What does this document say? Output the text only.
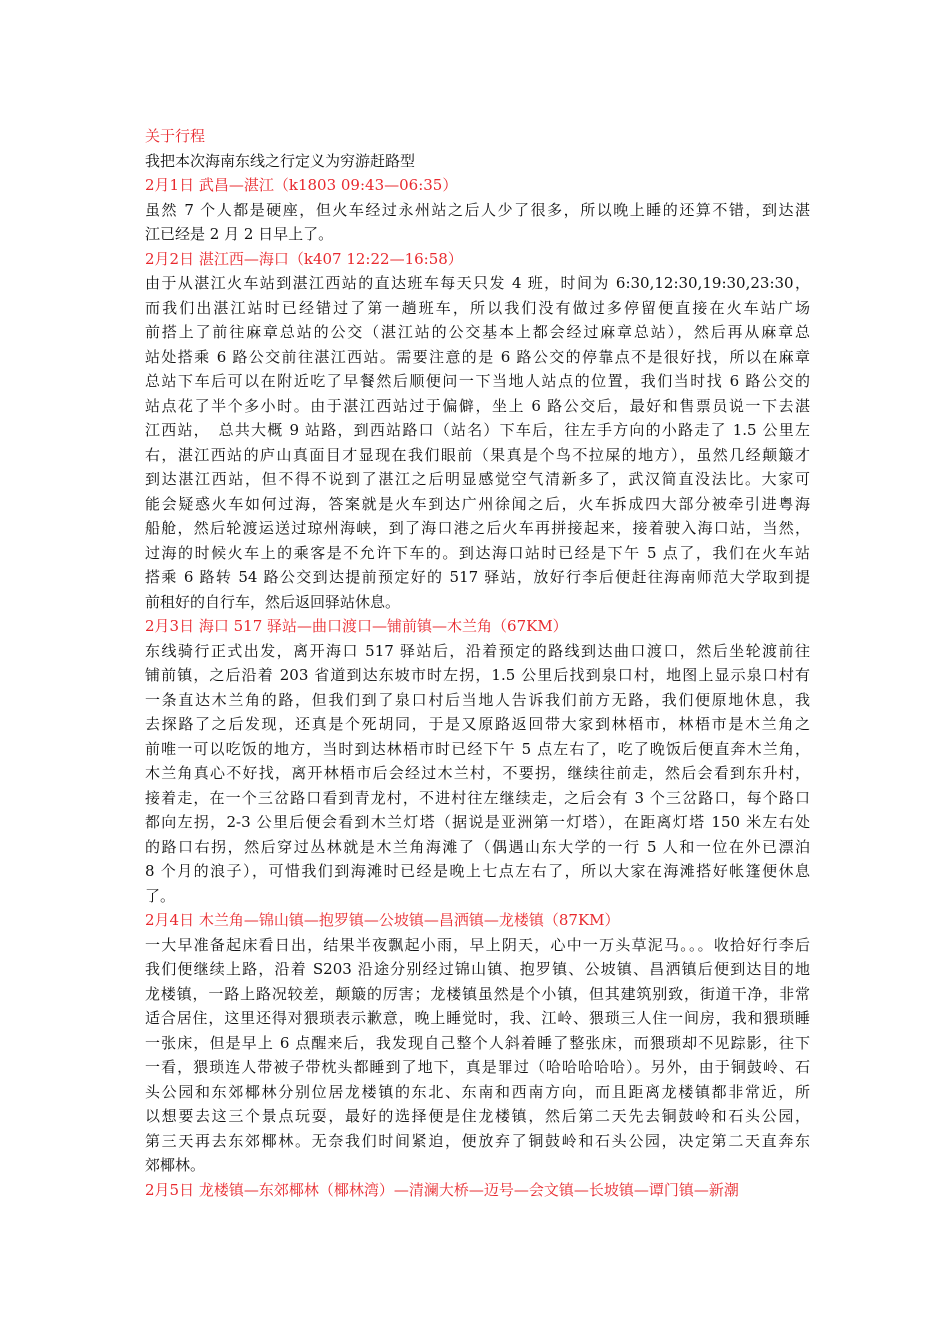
关于行程
我把本次海南东线之行定义为穷游赶路型
2月1日 武昌—湛江（k1803 09:43—06:35）
虽然 7 个人都是硬座，但火车经过永州站之后人少了很多，所以晚上睡的还算不错，到达湛
江已经是 2 月 2 日早上了。
2月2日 湛江西—海口（k407 12:22—16:58）
由于从湛江火车站到湛江西站的直达班车每天只发 4 班，时间为 6:30,12:30,19:30,23:30，
而我们出湛江站时已经错过了第一趟班车，所以我们没有做过多停留便直接在火车站广场
前搭上了前往麻章总站的公交（湛江站的公交基本上都会经过麻章总站），然后再从麻章总
站处搭乘 6 路公交前往湛江西站。需要注意的是 6 路公交的停靠点不是很好找，所以在麻章
总站下车后可以在附近吃了早餐然后顺便问一下当地人站点的位置，我们当时找 6 路公交的
站点花了半个多小时。由于湛江西站过于偏僻，坐上 6 路公交后，最好和售票员说一下去湛
江西站，　总共大概 9 站路，到西站路口（站名）下车后，往左手方向的小路走了 1.5 公里左
右，湛江西站的庐山真面目才显现在我们眼前（果真是个鸟不拉屎的地方），虽然几经颠簸才
到达湛江西站，但不得不说到了湛江之后明显感觉空气清新多了，武汉简直没法比。大家可
能会疑惑火车如何过海，答案就是火车到达广州徐闻之后，火车拆成四大部分被牵引进粤海
船舱，然后轮渡运送过琼州海峡，到了海口港之后火车再拼接起来，接着驶入海口站，当然，
过海的时候火车上的乘客是不允许下车的。到达海口站时已经是下午 5 点了，我们在火车站
搭乘 6 路转 54 路公交到达提前预定好的 517 驿站，放好行李后便赶往海南师范大学取到提
前租好的自行车，然后返回驿站休息。
2月3日 海口 517 驿站—曲口渡口—铺前镇—木兰角（67KM）
东线骑行正式出发，离开海口 517 驿站后，沿着预定的路线到达曲口渡口，然后坐轮渡前往
铺前镇，之后沿着 203 省道到达东坡市时左拐，1.5 公里后找到泉口村，地图上显示泉口村有
一条直达木兰角的路，但我们到了泉口村后当地人告诉我们前方无路，我们便原地休息，我
去探路了之后发现，还真是个死胡同，于是又原路返回带大家到林梧市，林梧市是木兰角之
前唯一可以吃饭的地方，当时到达林梧市时已经下午 5 点左右了，吃了晚饭后便直奔木兰角，
木兰角真心不好找，离开林梧市后会经过木兰村，不要拐，继续往前走，然后会看到东升村，
接着走，在一个三岔路口看到青龙村，不进村往左继续走，之后会有 3 个三岔路口，每个路口
都向左拐，2-3 公里后便会看到木兰灯塔（据说是亚洲第一灯塔），在距离灯塔 150 米左右处
的路口右拐，然后穿过丛林就是木兰角海滩了（偶遇山东大学的一行 5 人和一位在外已漂泊
8 个月的浪子），可惜我们到海滩时已经是晚上七点左右了，所以大家在海滩搭好帐篷便休息
了。
2月4日 木兰角—锦山镇—抱罗镇—公坡镇—昌洒镇—龙楼镇（87KM）
一大早准备起床看日出，结果半夜飘起小雨，早上阴天，心中一万头草泥马。。。收拾好行李后
我们便继续上路，沿着 S203 沿途分别经过锦山镇、抱罗镇、公坡镇、昌洒镇后便到达目的地
龙楼镇，一路上路况较差，颠簸的厉害；龙楼镇虽然是个小镇，但其建筑别致，街道干净，非常
适合居住，这里还得对猥琐表示歉意，晚上睡觉时，我、江岭、猥琐三人住一间房，我和猥琐睡
一张床，但是早上 6 点醒来后，我发现自己整个人斜着睡了整张床，而猥琐却不见踪影，往下
一看，猥琐连人带被子带枕头都睡到了地下，真是罪过（哈哈哈哈哈）。另外，由于铜鼓岭、石
头公园和东郊椰林分别位居龙楼镇的东北、东南和西南方向，而且距离龙楼镇都非常近，所
以想要去这三个景点玩耍，最好的选择便是住龙楼镇，然后第二天先去铜鼓岭和石头公园，
第三天再去东郊椰林。无奈我们时间紧迫，便放弃了铜鼓岭和石头公园，决定第二天直奔东
郊椰林。
2月5日 龙楼镇—东郊椰林（椰林湾）—清澜大桥—迈号—会文镇—长坡镇—谭门镇—新潮
